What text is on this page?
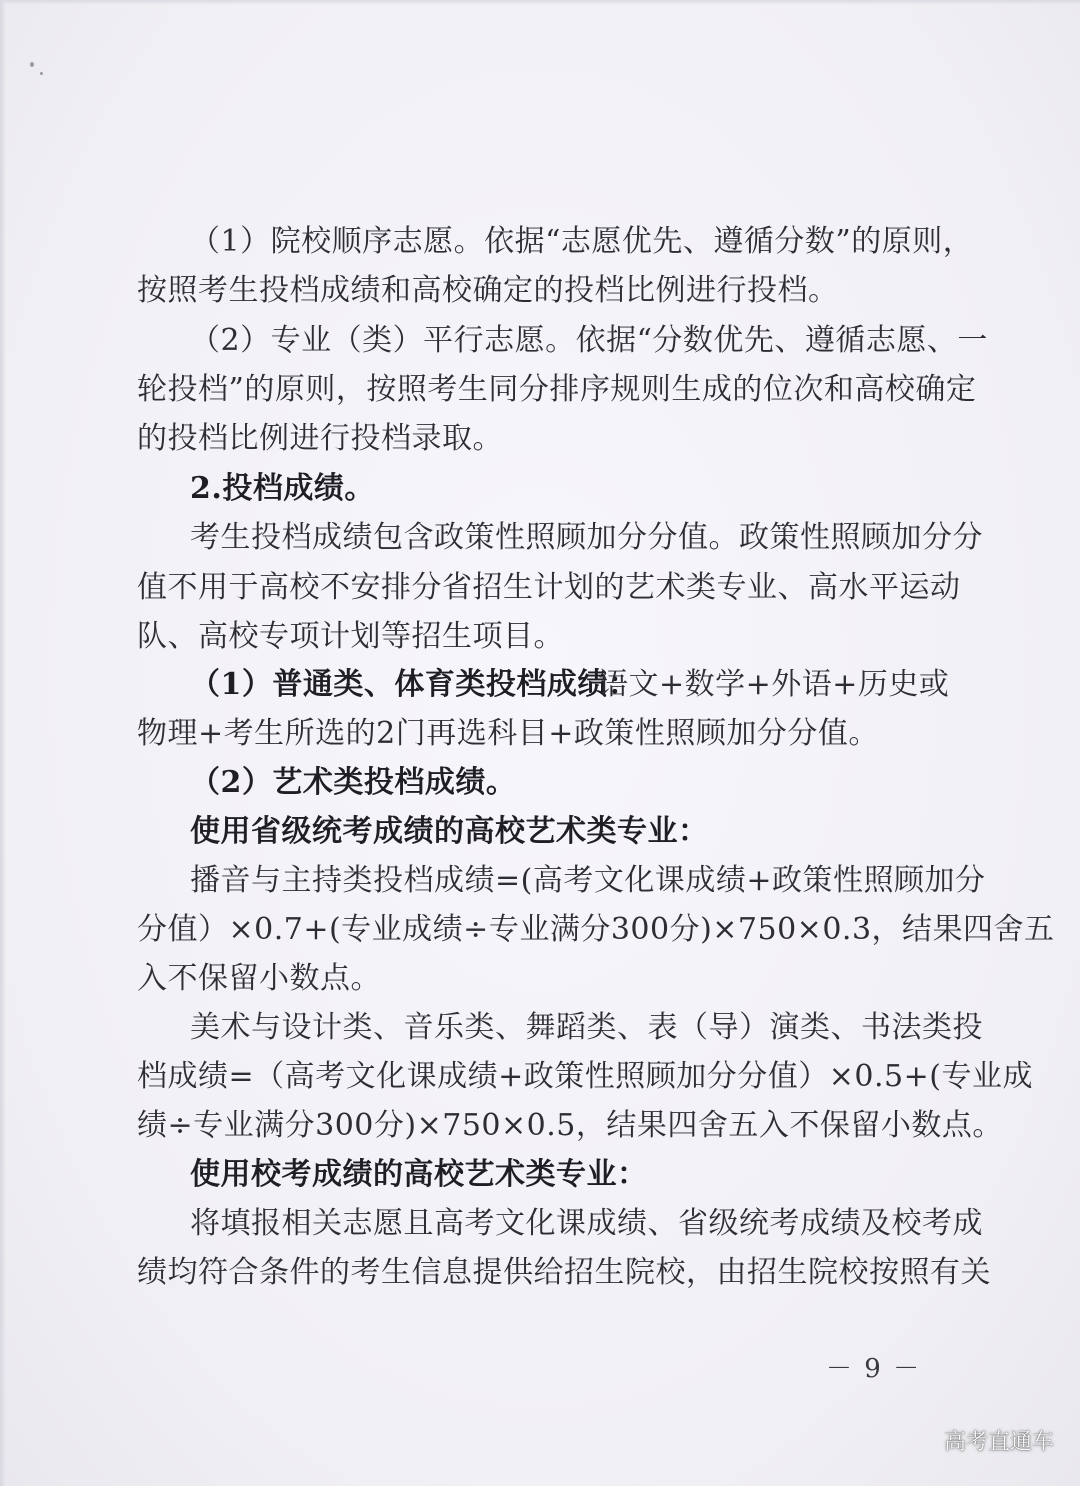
（1）院校顺序志愿。依据“志愿优先、遵循分数”的原则，
按照考生投档成绩和高校确定的投档比例进行投档。
（2）专业（类）平行志愿。依据“分数优先、遵循志愿、一
轮投档”的原则，按照考生同分排序规则生成的位次和高校确定
的投档比例进行投档录取。
2.投档成绩。
考生投档成绩包含政策性照顾加分分值。政策性照顾加分分
值不用于高校不安排分省招生计划的艺术类专业、高水平运动
队、高校专项计划等招生项目。
（1）普通类、体育类投档成绩：
语文+数学+外语+历史或
物理+考生所选的2门再选科目+政策性照顾加分分值。
（2）艺术类投档成绩。
使用省级统考成绩的高校艺术类专业：
播音与主持类投档成绩=(高考文化课成绩+政策性照顾加分
分值）×0.7+(专业成绩÷专业满分300分)×750×0.3，结果四舍五
入不保留小数点。
美术与设计类、音乐类、舞蹈类、表（导）演类、书法类投
档成绩=（高考文化课成绩+政策性照顾加分分值）×0.5+(专业成
绩÷专业满分300分)×750×0.5，结果四舍五入不保留小数点。
使用校考成绩的高校艺术类专业：
将填报相关志愿且高考文化课成绩、省级统考成绩及校考成
绩均符合条件的考生信息提供给招生院校，由招生院校按照有关
－ 9 －
高考直通车
